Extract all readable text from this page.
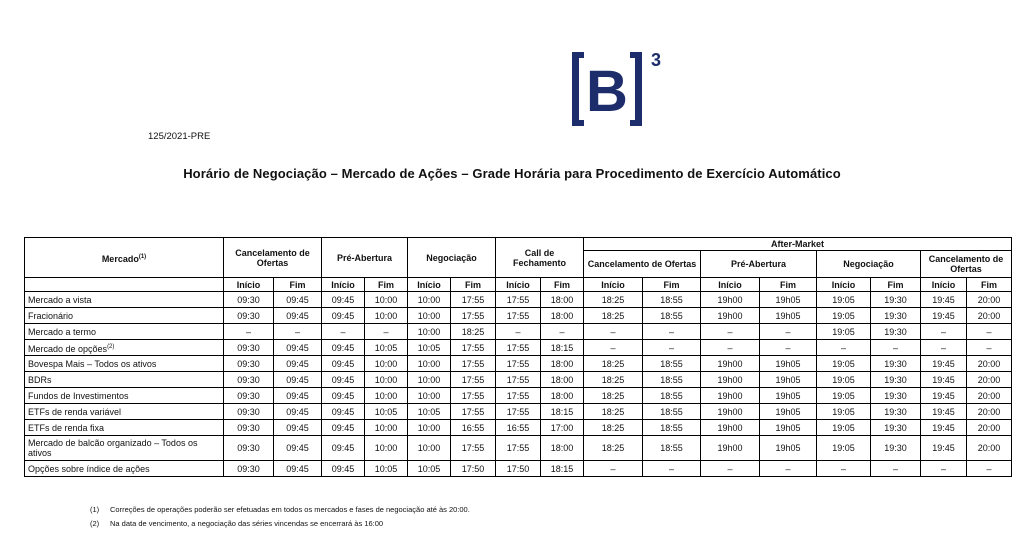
B 3
125/2021-PRE
Horário de Negociação – Mercado de Ações – Grade Horária para Procedimento de Exercício Automático
Mercado$^{(1)}$	Cancelamento de Ofertas		Pré-Abertura		Negociação		Call de Fechamento		After-Market							
									Cancelamento de Ofertas		Pré-Abertura		Negociação		Cancelamento de Ofertas	
	Início	Fim	Início	Fim	Início	Fim	Início	Fim	Início	Fim	Início	Fim	Início	Fim	Início	Fim
Mercado a vista	09:30	09:45	09:45	10:00	10:00	17:55	17:55	18:00	18:25	18:55	19h00	19h05	19:05	19:30	19:45	20:00
Fracionário	09:30	09:45	09:45	10:00	10:00	17:55	17:55	18:00	18:25	18:55	19h00	19h05	19:05	19:30	19:45	20:00
Mercado a termo	–	–	–	–	10:00	18:25	–	–	–	–	–	–	19:05	19:30	–	–
Mercado de opções$^{(2)}$	09:30	09:45	09:45	10:05	10:05	17:55	17:55	18:15	–	–	–	–	–	–	–	–
Bovespa Mais – Todos os ativos	09:30	09:45	09:45	10:00	10:00	17:55	17:55	18:00	18:25	18:55	19h00	19h05	19:05	19:30	19:45	20:00
BDRs	09:30	09:45	09:45	10:00	10:00	17:55	17:55	18:00	18:25	18:55	19h00	19h05	19:05	19:30	19:45	20:00
Fundos de Investimentos	09:30	09:45	09:45	10:00	10:00	17:55	17:55	18:00	18:25	18:55	19h00	19h05	19:05	19:30	19:45	20:00
ETFs de renda variável	09:30	09:45	09:45	10:05	10:05	17:55	17:55	18:15	18:25	18:55	19h00	19h05	19:05	19:30	19:45	20:00
ETFs de renda fixa	09:30	09:45	09:45	10:00	10:00	16:55	16:55	17:00	18:25	18:55	19h00	19h05	19:05	19:30	19:45	20:00
Mercado de balcão organizado – Todos os ativos	09:30	09:45	09:45	10:00	10:00	17:55	17:55	18:00	18:25	18:55	19h00	19h05	19:05	19:30	19:45	20:00
Opções sobre índice de ações	09:30	09:45	09:45	10:05	10:05	17:50	17:50	18:15	–	–	–	–	–	–	–	–
(1) Correções de operações poderão ser efetuadas em todos os mercados e fases de negociação até às 20:00.
(2) Na data de vencimento, a negociação das séries vincendas se encerrará às 16:00
